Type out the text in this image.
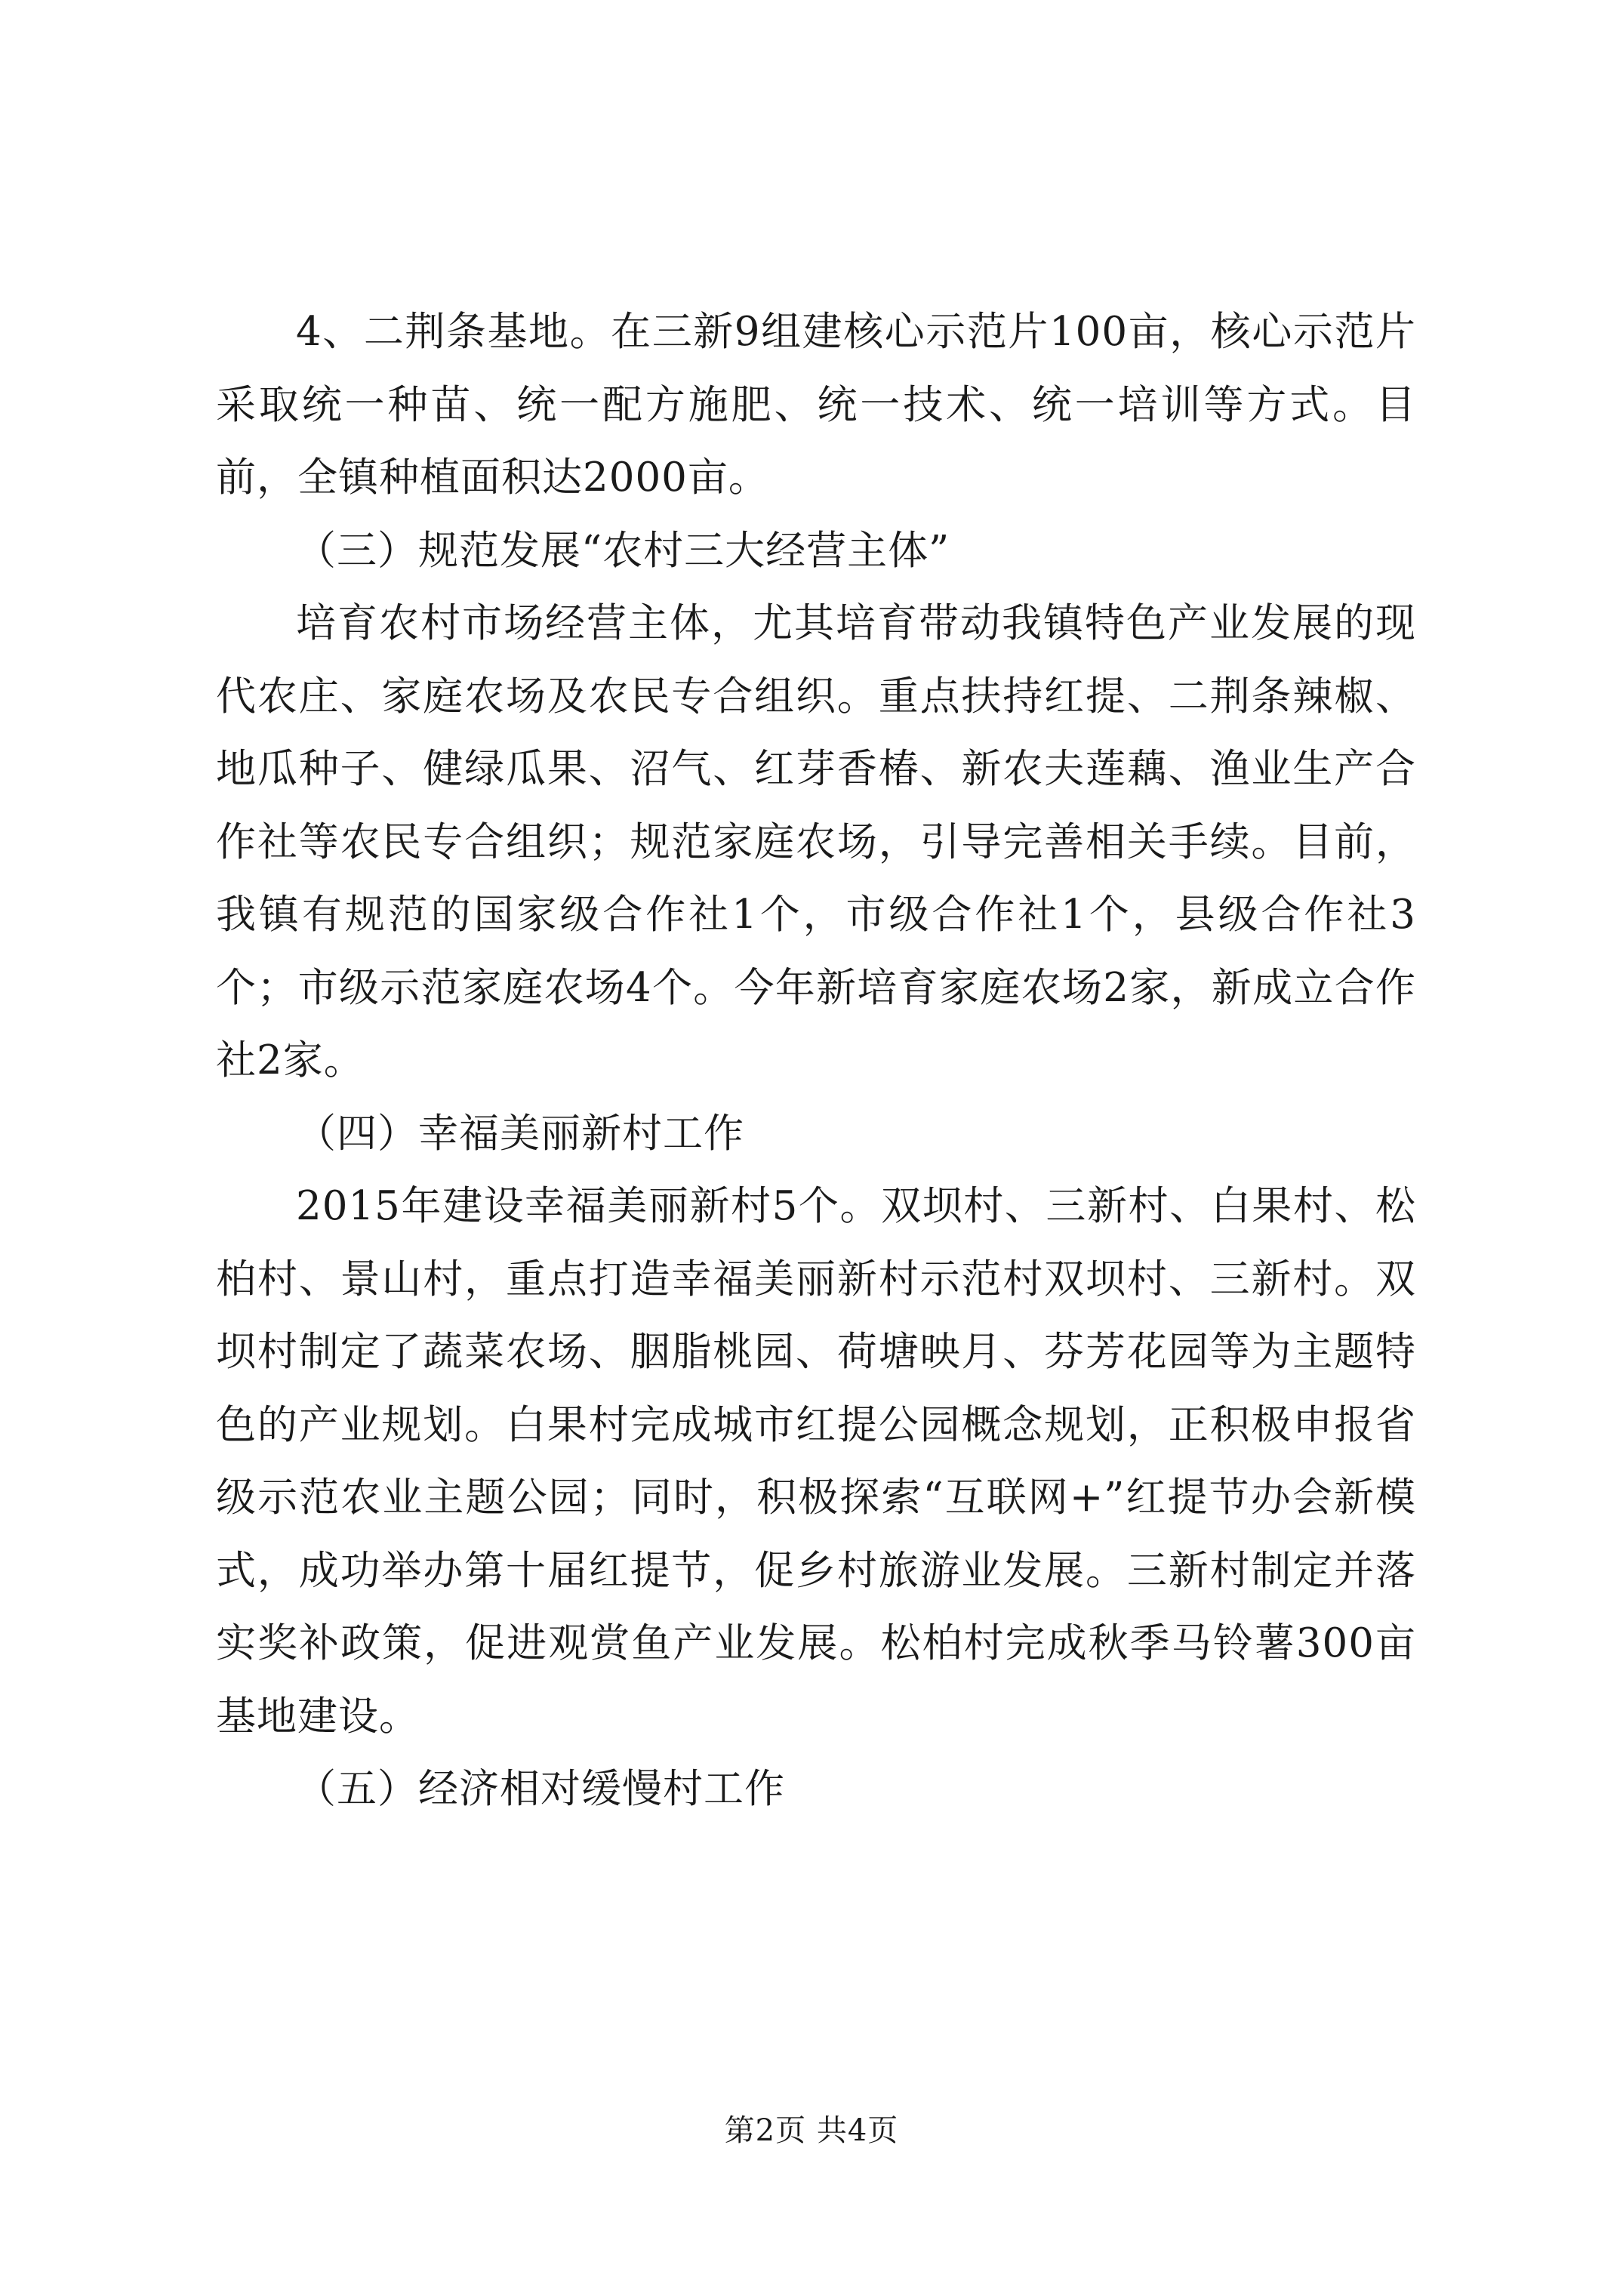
4、二荆条基地。在三新9组建核心示范片100亩，核心示范片采取统一种苗、统一配方施肥、统一技术、统一培训等方式。目前，全镇种植面积达2000亩。

（三）规范发展“农村三大经营主体”

培育农村市场经营主体，尤其培育带动我镇特色产业发展的现代农庄、家庭农场及农民专合组织。重点扶持红提、二荆条辣椒、地瓜种子、健绿瓜果、沼气、红芽香椿、新农夫莲藕、渔业生产合作社等农民专合组织；规范家庭农场，引导完善相关手续。目前，我镇有规范的国家级合作社1个，市级合作社1个，县级合作社3个；市级示范家庭农场4个。今年新培育家庭农场2家，新成立合作社2家。

（四）幸福美丽新村工作

2015年建设幸福美丽新村5个。双坝村、三新村、白果村、松柏村、景山村，重点打造幸福美丽新村示范村双坝村、三新村。双坝村制定了蔬菜农场、胭脂桃园、荷塘映月、芬芳花园等为主题特色的产业规划。白果村完成城市红提公园概念规划，正积极申报省级示范农业主题公园；同时，积极探索“互联网+”红提节办会新模式，成功举办第十届红提节，促乡村旅游业发展。三新村制定并落实奖补政策，促进观赏鱼产业发展。松柏村完成秋季马铃薯300亩基地建设。

（五）经济相对缓慢村工作

第2页 共4页
